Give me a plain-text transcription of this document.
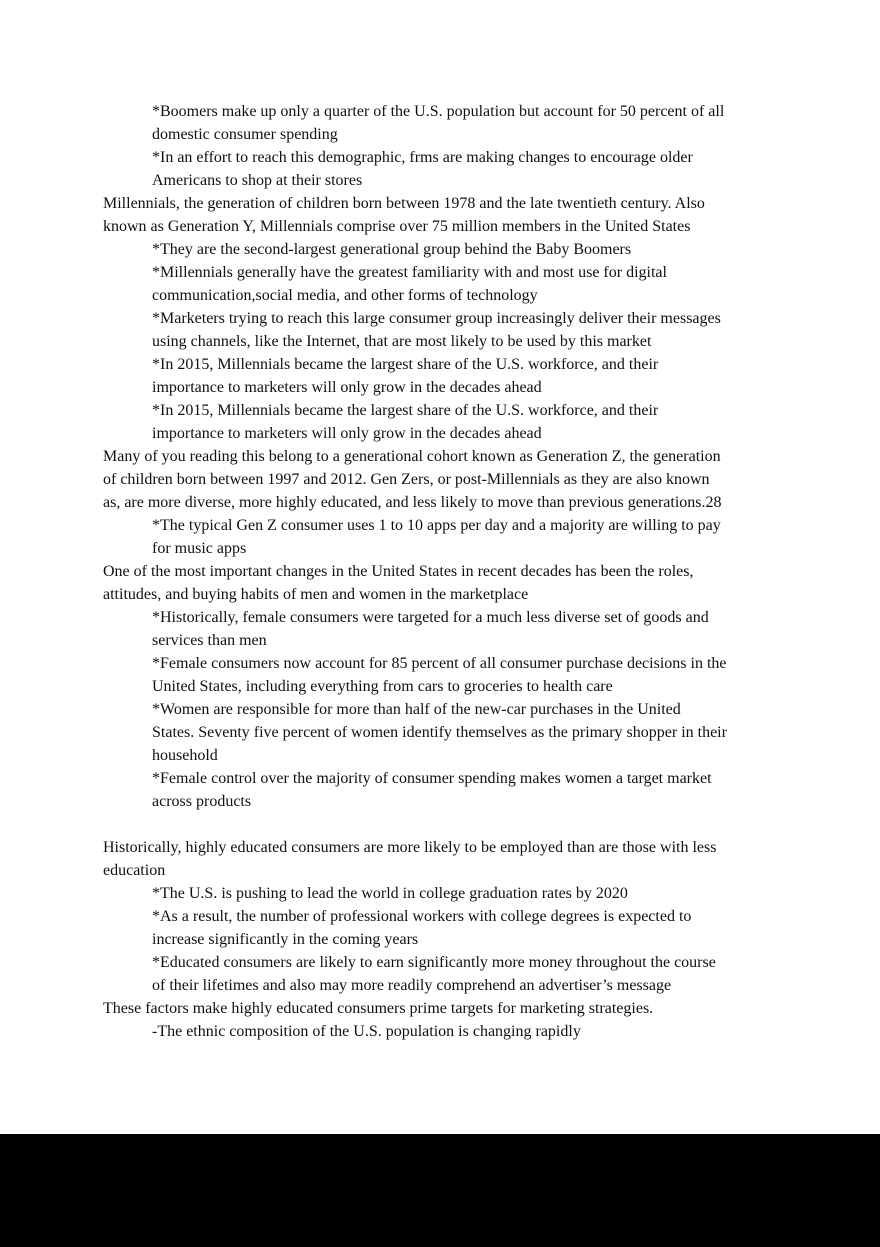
*Boomers make up only a quarter of the U.S. population but account for 50 percent of all
domestic consumer spending
*In an effort to reach this demographic, frms are making changes to encourage older
Americans to shop at their stores
Millennials, the generation of children born between 1978 and the late twentieth century. Also
known as Generation Y, Millennials comprise over 75 million members in the United States
*They are the second-largest generational group behind the Baby Boomers
*Millennials generally have the greatest familiarity with and most use for digital
communication,social media, and other forms of technology
*Marketers trying to reach this large consumer group increasingly deliver their messages
using channels, like the Internet, that are most likely to be used by this market
*In 2015, Millennials became the largest share of the U.S. workforce, and their
importance to marketers will only grow in the decades ahead
*In 2015, Millennials became the largest share of the U.S. workforce, and their
importance to marketers will only grow in the decades ahead
Many of you reading this belong to a generational cohort known as Generation Z, the generation
of children born between 1997 and 2012. Gen Zers, or post-Millennials as they are also known
as, are more diverse, more highly educated, and less likely to move than previous generations.28
*The typical Gen Z consumer uses 1 to 10 apps per day and a majority are willing to pay
for music apps
One of the most important changes in the United States in recent decades has been the roles,
attitudes, and buying habits of men and women in the marketplace
*Historically, female consumers were targeted for a much less diverse set of goods and
services than men
*Female consumers now account for 85 percent of all consumer purchase decisions in the
United States, including everything from cars to groceries to health care
*Women are responsible for more than half of the new-car purchases in the United
States. Seventy five percent of women identify themselves as the primary shopper in their
household
*Female control over the majority of consumer spending makes women a target market
across products
Historically, highly educated consumers are more likely to be employed than are those with less
education
*The U.S. is pushing to lead the world in college graduation rates by 2020
*As a result, the number of professional workers with college degrees is expected to
increase significantly in the coming years
*Educated consumers are likely to earn significantly more money throughout the course
of their lifetimes and also may more readily comprehend an advertiser’s message
These factors make highly educated consumers prime targets for marketing strategies.
-The ethnic composition of the U.S. population is changing rapidly
